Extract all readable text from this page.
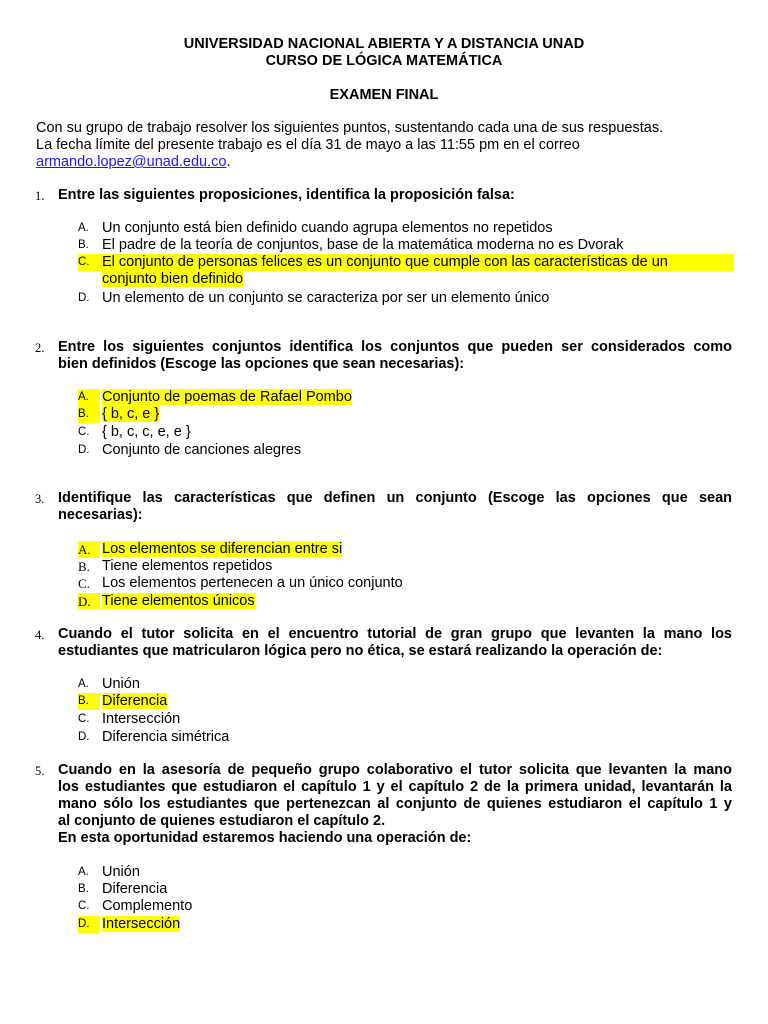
UNIVERSIDAD NACIONAL ABIERTA Y A DISTANCIA UNAD
CURSO DE LÓGICA MATEMÁTICA
EXAMEN FINAL
Con su grupo de trabajo resolver los siguientes puntos, sustentando cada una de sus respuestas.
La fecha límite del presente trabajo es el día 31 de mayo a las 11:55 pm en el correo
armando.lopez@unad.edu.co.
1. Entre las siguientes proposiciones, identifica la proposición falsa:
A. Un conjunto está bien definido cuando agrupa elementos no repetidos
B. El padre de la teoría de conjuntos, base de la matemática moderna no es Dvorak
C. El conjunto de personas felices es un conjunto que cumple con las características de un
conjunto bien definido
D. Un elemento de un conjunto se caracteriza por ser un elemento único
2. Entre los siguientes conjuntos identifica los conjuntos que pueden ser considerados como
bien definidos (Escoge las opciones que sean necesarias):
A. Conjunto de poemas de Rafael Pombo
B. { b, c, e }
C. { b, c, c, e, e }
D. Conjunto de canciones alegres
3. Identifique las características que definen un conjunto (Escoge las opciones que sean
necesarias):
A. Los elementos se diferencian entre si
B. Tiene elementos repetidos
C. Los elementos pertenecen a un único conjunto
D. Tiene elementos únicos
4. Cuando el tutor solicita en el encuentro tutorial de gran grupo que levanten la mano los
estudiantes que matricularon lógica pero no ética, se estará realizando la operación de:
A. Unión
B. Diferencia
C. Intersección
D. Diferencia simétrica
5. Cuando en la asesoría de pequeño grupo colaborativo el tutor solicita que levanten la mano
los estudiantes que estudiaron el capítulo 1 y el capítulo 2 de la primera unidad, levantarán la
mano sólo los estudiantes que pertenezcan al conjunto de quienes estudiaron el capítulo 1 y
al conjunto de quienes estudiaron el capítulo 2.
En esta oportunidad estaremos haciendo una operación de:
A. Unión
B. Diferencia
C. Complemento
D. Intersección
